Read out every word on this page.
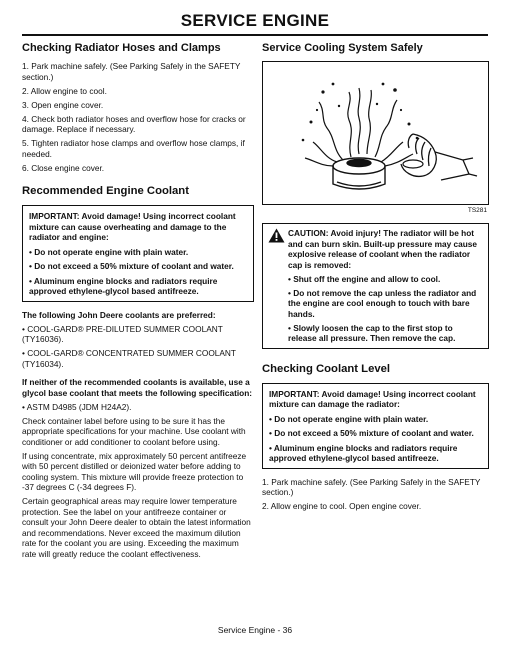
SERVICE ENGINE
Checking Radiator Hoses and Clamps

1. Park machine safely. (See Parking Safely in the SAFETY section.)

2. Allow engine to cool.

3. Open engine cover.

4. Check both radiator hoses and overflow hose for cracks or damage. Replace if necessary.

5. Tighten radiator hose clamps and overflow hose clamps, if needed.

6. Close engine cover.

Recommended Engine Coolant

IMPORTANT: Avoid damage! Using incorrect coolant mixture can cause overheating and damage to the radiator and engine:

• Do not operate engine with plain water.

• Do not exceed a 50% mixture of coolant and water.

• Aluminum engine blocks and radiators require approved ethylene-glycol based antifreeze.

The following John Deere coolants are preferred:

• COOL-GARD® PRE-DILUTED SUMMER COOLANT (TY16036).

• COOL-GARD® CONCENTRATED SUMMER COOLANT (TY16034).

If neither of the recommended coolants is available, use a glycol base coolant that meets the following specification:

• ASTM D4985 (JDM H24A2).

Check container label before using to be sure it has the appropriate specifications for your machine. Use coolant with conditioner or add conditioner to coolant before using.

If using concentrate, mix approximately 50 percent antifreeze with 50 percent distilled or deionized water before adding to cooling system. This mixture will provide freeze protection to -37 degrees C (-34 degrees F).

Certain geographical areas may require lower temperature protection. See the label on your antifreeze container or consult your John Deere dealer to obtain the latest information and recommendations. Never exceed the maximum dilution rate for the coolant you are using. Exceeding the maximum rate will greatly reduce the coolant effectiveness.

Service Cooling System Safely
TS281

CAUTION: Avoid injury! The radiator will be hot and can burn skin. Built-up pressure may cause explosive release of coolant when the radiator cap is removed:

• Shut off the engine and allow to cool.

• Do not remove the cap unless the radiator and the engine are cool enough to touch with bare hands.

• Slowly loosen the cap to the first stop to release all pressure. Then remove the cap.

Checking Coolant Level

IMPORTANT: Avoid damage! Using incorrect coolant mixture can damage the radiator:

• Do not operate engine with plain water.

• Do not exceed a 50% mixture of coolant and water.

• Aluminum engine blocks and radiators require approved ethylene-glycol based antifreeze.

1. Park machine safely. (See Parking Safely in the SAFETY section.)

2. Allow engine to cool. Open engine cover.

Service Engine - 36
